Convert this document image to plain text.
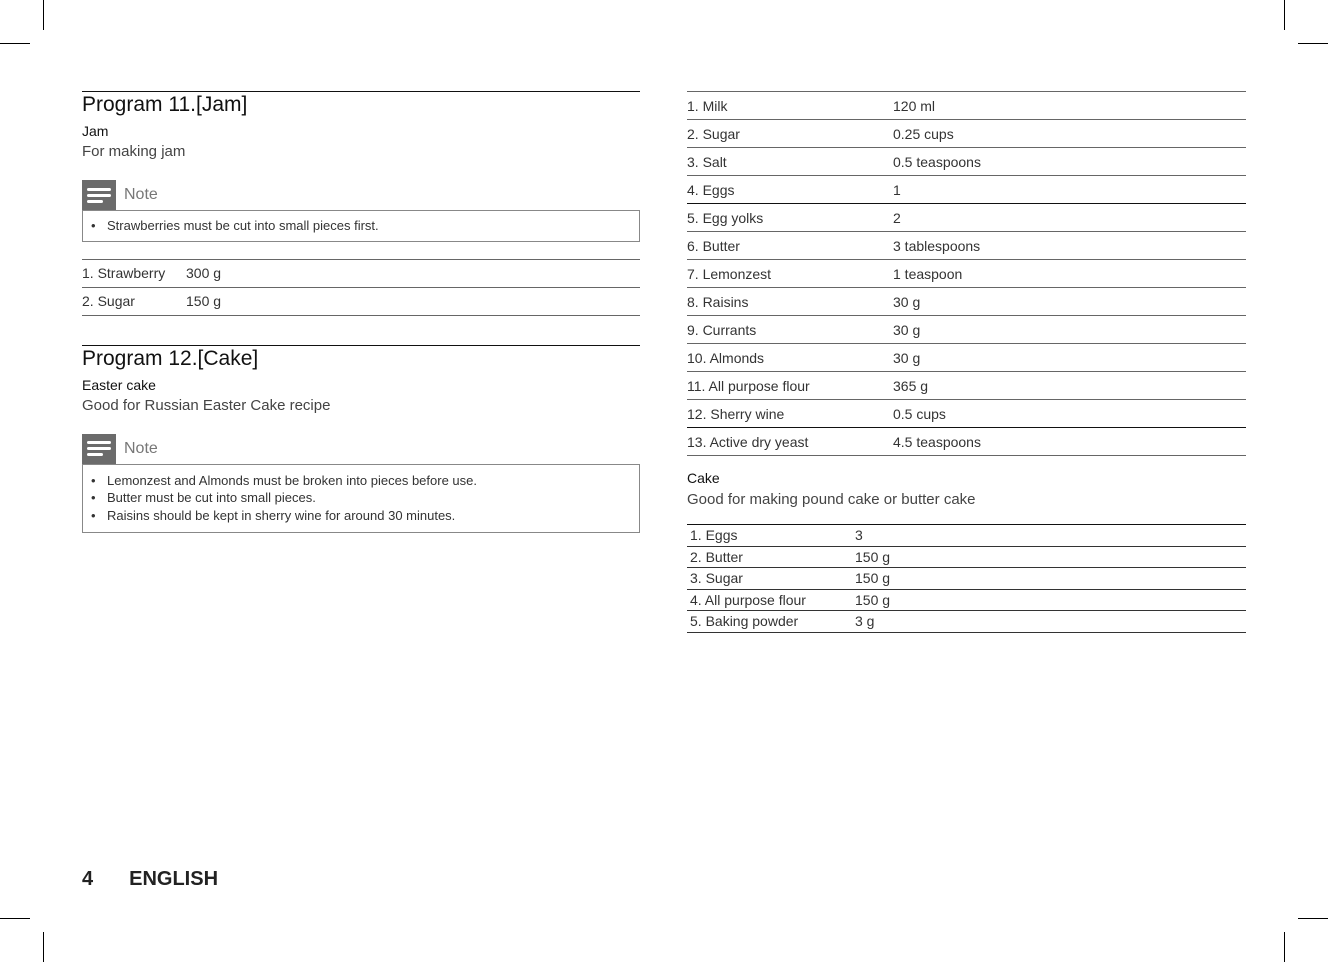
Program 11.[Jam]
Jam
For making jam
Note
• Strawberries must be cut into small pieces first.
1. Strawberry	300 g
2. Sugar	150 g
Program 12.[Cake]
Easter cake
Good for Russian Easter Cake recipe
Note
• Lemonzest and Almonds must be broken into pieces before use.
• Butter must be cut into small pieces.
• Raisins should be kept in sherry wine for around 30 minutes.
1. Milk	120 ml
2. Sugar	0.25 cups
3. Salt	0.5 teaspoons
4. Eggs	1
5. Egg yolks	2
6. Butter	3 tablespoons
7. Lemonzest	1 teaspoon
8. Raisins	30 g
9. Currants	30 g
10. Almonds	30 g
11. All purpose flour	365 g
12. Sherry wine	0.5 cups
13. Active dry yeast	4.5 teaspoons
Cake
Good for making pound cake or butter cake
1. Eggs	3
2. Butter	150 g
3. Sugar	150 g
4. All purpose flour	150 g
5. Baking powder	3 g
4 ENGLISH
